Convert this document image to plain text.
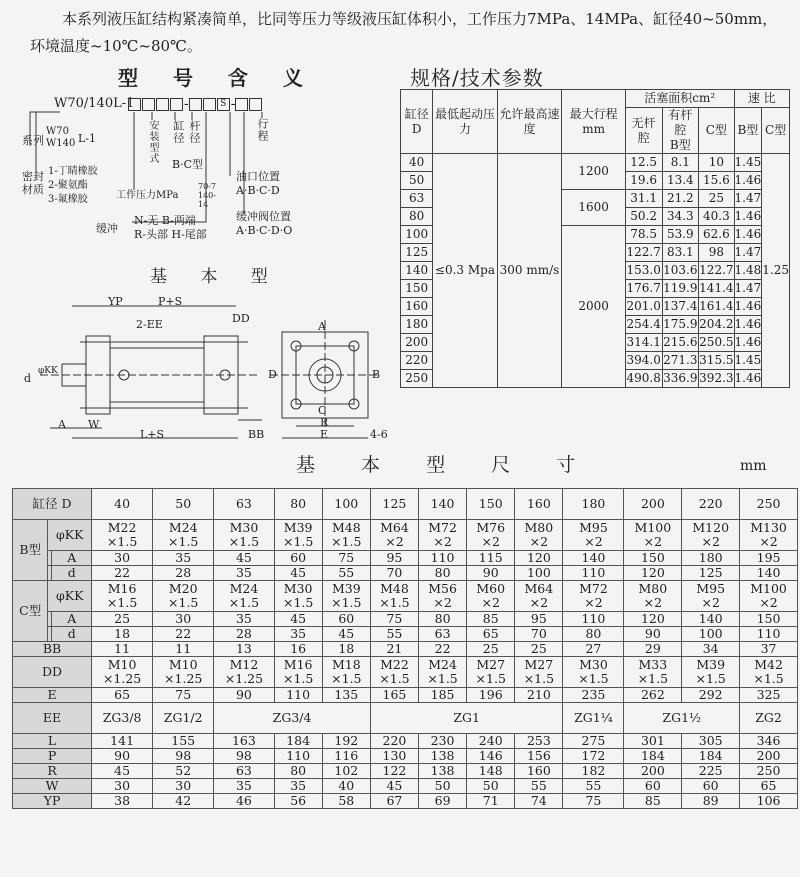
本系列液压缸结构紧凑简单，比同等压力等级液压缸体积小，工作压力7MPa、14MPa、缸径40~50mm，环境温度~10℃~80℃。
型 号 含 义	规格/技术参数
W70/140L-1	-	S -
系列
W70
W140 L-1
密封材质
1-丁睛橡胶
2-聚氨酯
3-氟橡胶
安装型式 缸径 杆径
B·C型
行程
工作压力MPa
70-7 140-14
油口位置
A·B·C·D
缓冲
N-无 B-两端
R-头部 H-尾部
缓冲阀位置
A·B·C·D·O
基 本 型
YP	P+S
2-EE	DD
d
φKK
A W
L+S	BB
A
D	B
C
R
E	4-6
缸径D	最低起动压力	允许最高速度	最大行程mm	活塞面积cm²			速 比	
				无杆腔	有杆腔
B型	C型	B型	C型
40	≤0.3 Mpa	300 mm/s	1200	12.5	8.1	10	1.45	1.25
50				19.6	13.4	15.6	1.46	
63			1600	31.1	21.2	25	1.47	
80				50.2	34.3	40.3	1.46	
100			2000	78.5	53.9	62.6	1.46	
125				122.7	83.1	98	1.47	
140				153.0	103.6	122.7	1.48	
150				176.7	119.9	141.4	1.47	
160				201.0	137.4	161.4	1.46	
180				254.4	175.9	204.2	1.46	
200				314.1	215.6	250.5	1.46	
220				394.0	271.3	315.5	1.45	
250				490.8	336.9	392.3	1.46	
基 本 型 尺 寸	mm
缸径 D			40	50	63	80	100	125	140	150	160	180	200	220	250
B型	φKK		M22
×1.5	M24
×1.5	M30
×1.5	M39
×1.5	M48
×1.5	M64
×2	M72
×2	M76
×2	M80
×2	M95
×2	M100
×2	M120
×2	M130
×2
		A	30	35	45	60	75	95	110	115	120	140	150	180	195
		d	22	28	35	45	55	70	80	90	100	110	120	125	140
C型	φKK		M16
×1.5	M20
×1.5	M24
×1.5	M30
×1.5	M39
×1.5	M48
×1.5	M56
×2	M60
×2	M64
×2	M72
×2	M80
×2	M95
×2	M100
×2
		A	25	30	35	45	60	75	80	85	95	110	120	140	150
		d	18	22	28	35	45	55	63	65	70	80	90	100	110
BB			11	11	13	16	18	21	22	25	25	27	29	34	37
DD			M10
×1.25	M10
×1.25	M12
×1.25	M16
×1.5	M18
×1.5	M22
×1.5	M24
×1.5	M27
×1.5	M27
×1.5	M30
×1.5	M33
×1.5	M39
×1.5	M42
×1.5
E			65	75	90	110	135	165	185	196	210	235	262	292	325
EE			ZG3/8	ZG1/2	ZG3/4			ZG1				ZG1¼	ZG1½		ZG2
L			141	155	163	184	192	220	230	240	253	275	301	305	346
P			90	98	98	110	116	130	138	146	156	172	184	184	200
R			45	52	63	80	102	122	138	148	160	182	200	225	250
W			30	30	35	35	40	45	50	50	55	55	60	60	65
YP			38	42	46	56	58	67	69	71	74	75	85	89	106
